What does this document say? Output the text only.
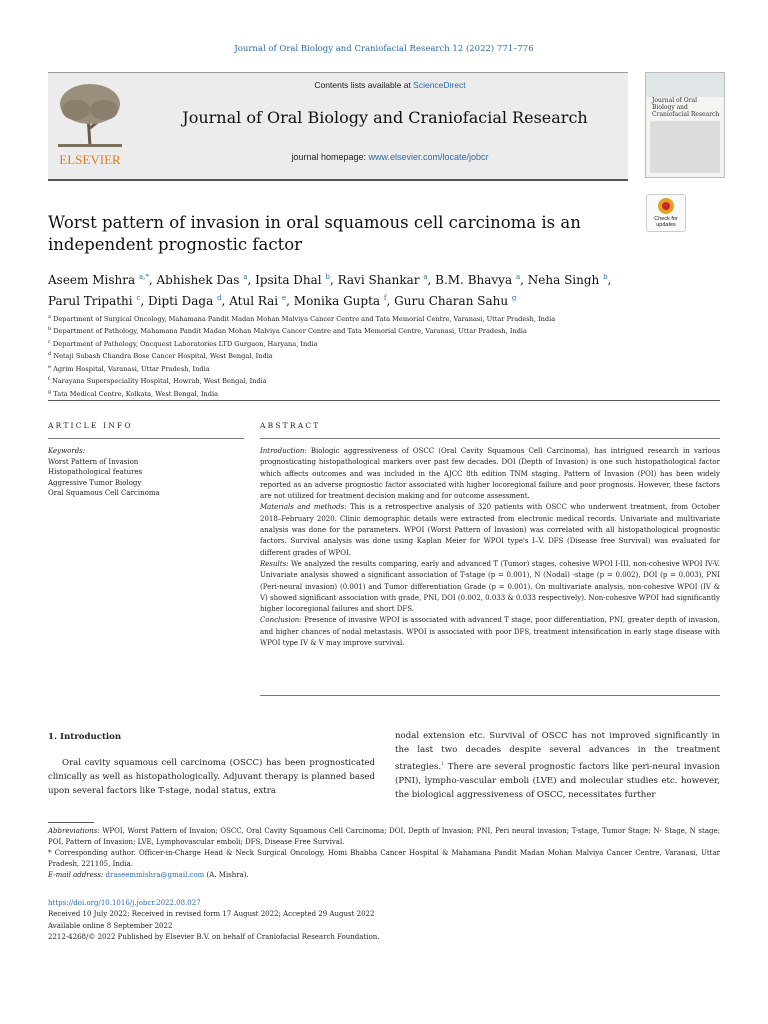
Journal of Oral Biology and Craniofacial Research 12 (2022) 771–776
ELSEVIER
Contents lists available at ScienceDirect
Journal of Oral Biology and Craniofacial Research
journal homepage: www.elsevier.com/locate/jobcr
Journal of Oral Biology and Craniofacial Research
Check for updates
Worst pattern of invasion in oral squamous cell carcinoma is an independent prognostic factor
Aseem Mishra $^{a,*}$, Abhishek Das $^a$, Ipsita Dhal $^b$, Ravi Shankar $^a$, B.M. Bhavya $^a$, Neha Singh $^b$,
Parul Tripathi $^c$, Dipti Daga $^d$, Atul Rai $^e$, Monika Gupta $^f$, Guru Charan Sahu $^g$
$^a$ Department of Surgical Oncology, Mahamana Pandit Madan Mohan Malviya Cancer Centre and Tata Memorial Centre, Varanasi, Uttar Pradesh, India
$^b$ Department of Pathology, Mahamana Pandit Madan Mohan Malviya Cancer Centre and Tata Memorial Centre, Varanasi, Uttar Pradesh, India
$^c$ Department of Pathology, Oncquest Laboratories LTD Gurgaon, Haryana, India
$^d$ Netaji Subash Chandra Bose Cancer Hospital, West Bengal, India
$^e$ Agrim Hospital, Varanasi, Uttar Pradesh, India
$^f$ Narayana Superspeciality Hospital, Howrah, West Bengal, India
$^g$ Tata Medical Centre, Kolkata, West Bengal, India
ARTICLE INFO	ABSTRACT
Keywords:
Worst Pattern of Invasion
Histopathological features
Aggressive Tumor Biology
Oral Squamous Cell Carcinoma

Introduction: Biologic aggressiveness of OSCC (Oral Cavity Squamous Cell Carcinoma), has intrigued research in various prognosticating histopathological markers over past few decades. DOI (Depth of Invasion) is one such histopathological factor which affects outcomes and was included in the AJCC 8th edition TNM staging. Pattern of Invasion (POI) has been widely reported as an adverse prognostic factor associated with higher locoregional failure and poor prognosis. However, these factors are not utilized for treatment decision making and for outcome assessment.

Materials and methods: This is a retrospective analysis of 320 patients with OSCC who underwent treatment, from October 2018–February 2020. Clinic demographic details were extracted from electronic medical records. Univariate and multivariate analysis was done for the parameters. WPOI (Worst Pattern of Invasion) was correlated with all histopathological prognostic factors. Survival analysis was done using Kaplan Meier for WPOI type's I–V. DFS (Disease free Survival) was evaluated for different grades of WPOI.

Results: We analyzed the results comparing, early and advanced T (Tumor) stages, cohesive WPOI I-III, non-cohesive WPOI IV-V. Univariate analysis showed a significant association of T-stage (p = 0.001), N (Nodal) -stage (p = 0.002), DOI (p = 0.003), PNI (Peri-neural invasion) (0.001) and Tumor differentiation Grade (p = 0.001). On multivariate analysis, non-cohesive WPOI (IV & V) showed significant association with grade, PNI, DOI (0.002, 0.033 & 0.033 respectively). Non-cohesive WPOI had significantly higher locoregional failures and short DFS.

Conclusion: Presence of invasive WPOI is associated with advanced T stage, poor differentiation, PNI, greater depth of invasion, and higher chances of nodal metastasis. WPOI is associated with poor DFS, treatment intensification in early stage disease with WPOI type IV & V may improve survival.

1. Introduction

Oral cavity squamous cell carcinoma (OSCC) has been prognosticated clinically as well as histopathologically. Adjuvant therapy is planned based upon several factors like T-stage, nodal status, extra

nodal extension etc. Survival of OSCC has not improved significantly in the last two decades despite several advances in the treatment strategies.$^1$ There are several prognostic factors like peri-neural invasion (PNI), lympho-vascular emboli (LVE) and molecular studies etc. however, the biological aggressiveness of OSCC, necessitates further

Abbreviations: WPOI, Worst Pattern of Invaion; OSCC, Oral Cavity Squamous Cell Carcinoma; DOI, Depth of Invasion; PNI, Peri neural invasion; T-stage, Tumor Stage; N- Stage, N stage; POI, Pattern of Invasion; LVE, Lymphovascular emboli; DFS, Disease Free Survival.

* Corresponding author. Officer-in-Charge Head & Neck Surgical Oncology, Homi Bhabha Cancer Hospital & Mahamana Pandit Madan Mohan Malviya Cancer Centre, Varanasi, Uttar Pradesh, 221105, India.

E-mail address: draseemmishra@gmail.com (A. Mishra).

https://doi.org/10.1016/j.jobcr.2022.08.027
Received 10 July 2022; Received in revised form 17 August 2022; Accepted 29 August 2022
Available online 8 September 2022
2212-4268/© 2022 Published by Elsevier B.V. on behalf of Craniofacial Research Foundation.
